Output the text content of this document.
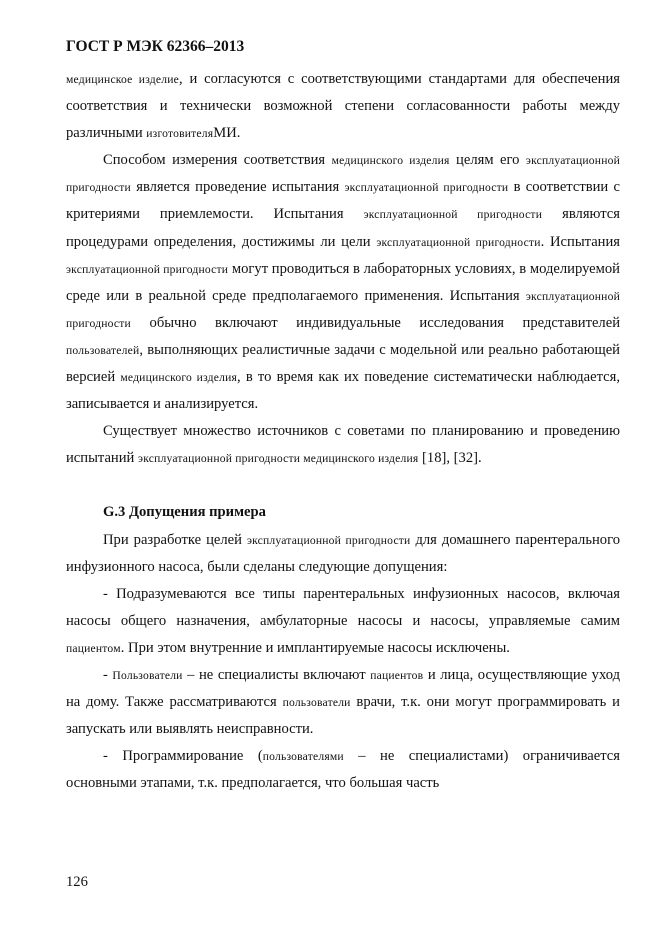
ГОСТ Р МЭК 62366–2013

медицинское изделие, и согласуются с соответствующими стандартами для обеспечения соответствия и технически возможной степени согласованности работы между различными изготовителяМИ.

Способом измерения соответствия медицинского изделия целям его эксплуатационной пригодности является проведение испытания эксплуатационной пригодности в соответствии с критериями приемлемости. Испытания эксплуатационной пригодности являются процедурами определения, достижимы ли цели эксплуатационной пригодности. Испытания эксплуатационной пригодности могут проводиться в лабораторных условиях, в моделируемой среде или в реальной среде предполагаемого применения. Испытания эксплуатационной пригодности обычно включают индивидуальные исследования представителей пользователей, выполняющих реалистичные задачи с модельной или реально работающей версией медицинского изделия, в то время как их поведение систематически наблюдается, записывается и анализируется.

Существует множество источников с советами по планированию и проведению испытаний эксплуатационной пригодности медицинского изделия [18], [32].

G.3 Допущения примера

При разработке целей эксплуатационной пригодности для домашнего парентерального инфузионного насоса, были сделаны следующие допущения:

- Подразумеваются все типы парентеральных инфузионных насосов, включая насосы общего назначения, амбулаторные насосы и насосы, управляемые самим пациентом. При этом внутренние и имплантируемые насосы исключены.

- Пользователи – не специалисты включают пациентов и лица, осуществляющие уход на дому. Также рассматриваются пользователи врачи, т.к. они могут программировать и запускать или выявлять неисправности.

- Программирование (пользователями – не специалистами) ограничивается основными этапами, т.к. предполагается, что большая часть

126
